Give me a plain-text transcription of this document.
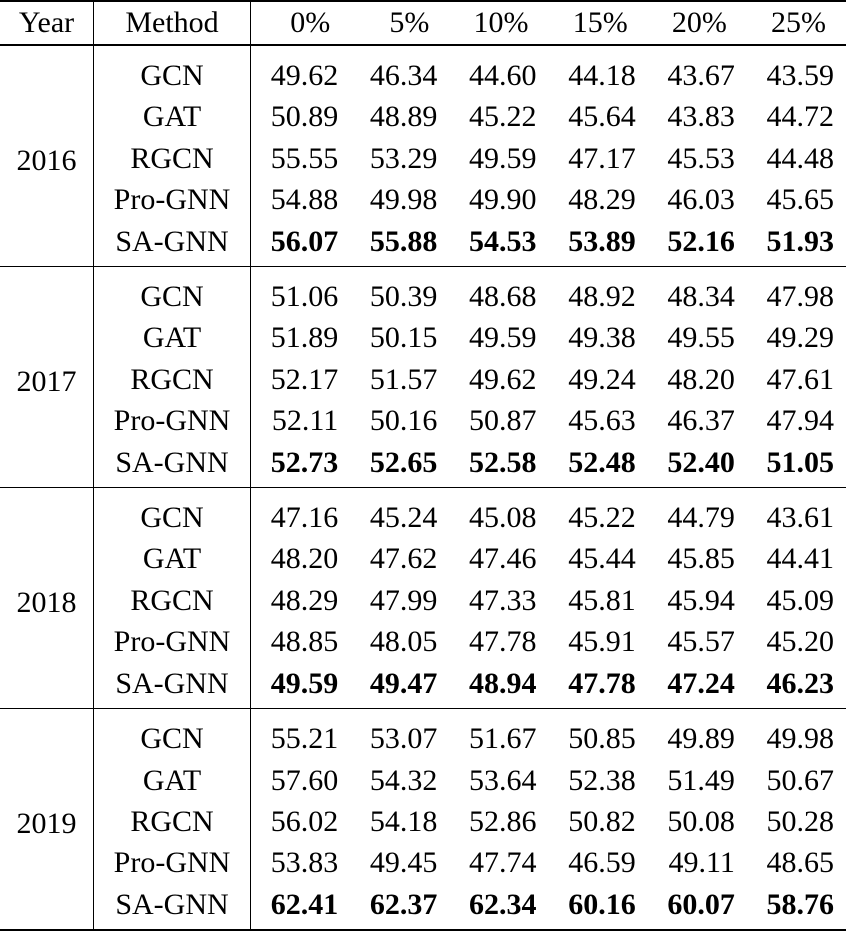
Year	Method	0%	5%	10%	15%	20%	25%
2016	GCN	49.62	46.34	44.60	44.18	43.67	43.59
	GAT	50.89	48.89	45.22	45.64	43.83	44.72
	RGCN	55.55	53.29	49.59	47.17	45.53	44.48
	Pro-GNN	54.88	49.98	49.90	48.29	46.03	45.65
	SA-GNN	56.07	55.88	54.53	53.89	52.16	51.93
2017	GCN	51.06	50.39	48.68	48.92	48.34	47.98
	GAT	51.89	50.15	49.59	49.38	49.55	49.29
	RGCN	52.17	51.57	49.62	49.24	48.20	47.61
	Pro-GNN	52.11	50.16	50.87	45.63	46.37	47.94
	SA-GNN	52.73	52.65	52.58	52.48	52.40	51.05
2018	GCN	47.16	45.24	45.08	45.22	44.79	43.61
	GAT	48.20	47.62	47.46	45.44	45.85	44.41
	RGCN	48.29	47.99	47.33	45.81	45.94	45.09
	Pro-GNN	48.85	48.05	47.78	45.91	45.57	45.20
	SA-GNN	49.59	49.47	48.94	47.78	47.24	46.23
2019	GCN	55.21	53.07	51.67	50.85	49.89	49.98
	GAT	57.60	54.32	53.64	52.38	51.49	50.67
	RGCN	56.02	54.18	52.86	50.82	50.08	50.28
	Pro-GNN	53.83	49.45	47.74	46.59	49.11	48.65
	SA-GNN	62.41	62.37	62.34	60.16	60.07	58.76
